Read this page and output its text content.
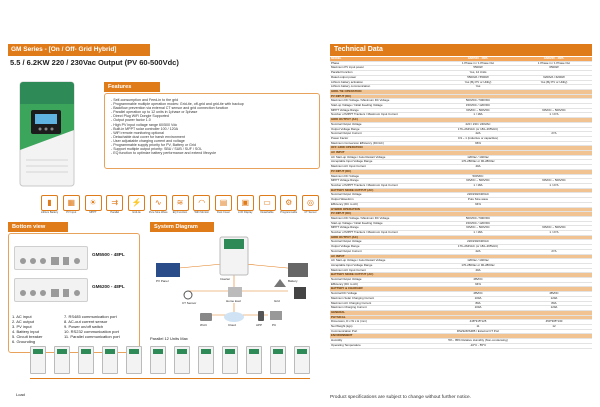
GM Series - [On / Off- Grid Hybrid]
5.5 / 6.2KW 220 / 230Vac Output (PV 60-500Vdc)
Features
- Self-consumption and Feed-in to the grid
- Programmable multiple operation modes: Grid-tie, off-grid and grid-tie with backup
- Backflow prevention via external CT sensor and grid connection function
- Parallel operation up to 12 units in 1phase or 3phase
- Direct Plug WiFi Dongle Supported
- Output power factor 1.0
- High PV input voltage range 60/500 Vdc
- Built-in MPPT solar controller 100 / 120A
- WiFi remote monitoring optional
- Detachable dust cover for harsh environment
- User adjustable charging current and voltage
- Programmable supply priority for PV, Battery or Grid
- Support multiple output priority: SBU / SUB / SUF / SOL
- EQ function to optimize battery performance and extend lifecycle
▮
Lithium Battery
▦
PV Input
☀
MPPT
⇉
Parallel
⚡
Grid-tie
∿
Pure Sine Wave
≋
EQ Function
◠
WiFi Monitor
▤
Dust Cover
▣
LCD Display
▭
Detachable
⚙
Programmable
◎
CT Sensor
Bottom view
GM5500 - 48PL
GM6200 - 48PL
1. AC input
2. AC output
3. PV input
4. Battery input
5. Circuit breaker
6. Grounding
7. RS485 communication port
8. AC-out current sensor
9. Power on/off switch
10. RS232 communication port
11. Parallel communication port
System Diagram
Inverter
PV Panel	Battery
CT Sensor	Home load	Grid
Wi-Fi	Cloud	APP	PC
Parallel 12 Units Max
Load
Technical Data
MODEL	GM5500 - 48PL	GM6200 - 48PL
Phase	1 Phase in / 1 Phase Out	1 Phase in / 1 Phase Out
Maximum PV input power	5500W	6500W
Parallel Function	Yes, 12 Units	
Rated output power	5500VA / 5500W	6200VA / 6200W
Lithium battery activation	Yes (By PV or Utility)	Yes (By PV or Utility)
Lithium battery communication	Yes	
GRID-TIE OPERATION		
PV INPUT (DC)		
Maximum DC Voltage / Maximum DC Voltage	500VDC / 500VDC	
Start-up Voltage / Initial Feeding Voltage	150VDC / 120VDC	
MPPT Voltage Range	60VDC ~ 500VDC	60VDC ~ 500VDC
Number of MPPT Trackers / Maximum Input Current	1 / 18A	1 / 27A
GRID OUTPUT (AC)		
Nominal Output Voltage	220 / 230 / 240VAC	
Output Voltage Range	176~264VAC (or 184~265VAC)	
Nominal Output Current	22A	27A
Power Factor	0.9 ~ 1 (inductive or capacitive)	
Maximum Conversion Efficiency (DC/AC)	96%	
OFF GRID OPERATION		
AC INPUT		
AC Start-up Voltage / Auto Restart Voltage	120Vac / 140Vac	
Acceptable Input Voltage Range	170-280Vac or 90-280Vac	
Maximum AC Input Current	40A	
PV INPUT (DC)		
Maximum DC Voltage	500VDC	
MPPT Voltage Range	60VDC ~ 500VDC	60VDC ~ 500VDC
Number of MPPT Trackers / Maximum Input Current	1 / 18A	1 / 27A
BATTERY MODE OUTPUT (AC)		
Nominal Output Voltage	220/230/240VAC	
Output Waveform	Pure Sine wave	
Efficiency (DC to AC)	94%	
HYBRID OPERATION		
PV INPUT (DC)		
Maximum DC Voltage / Maximum DC Voltage	500VDC / 500VDC	
Start-up Voltage / Initial Feeding Voltage	150VDC / 120VDC	
MPPT Voltage Range	60VDC ~ 500VDC	60VDC ~ 500VDC
Number of MPPT Trackers / Maximum Input Current	1 / 18A	1 / 27A
GRID OUTPUT (AC)		
Nominal Output Voltage	220/230/240VAC	
Output Voltage Range	176~264VAC (or 184~265VAC)	
Nominal Output Current	22A	27A
AC INPUT		
AC Start-up Voltage / Auto Restart Voltage	120Vac / 140Vac	
Acceptable Input Voltage Range	170-280Vac or 90-280Vac	
Maximum AC Input Current	40A	
BATTERY MODE OUTPUT (AC)		
Nominal Output Voltage	48VDC	
Efficiency (DC to AC)	94%	
BATTERY & CHARGER		
Nominal DC Voltage	48VDC	48VDC
Maximum Solar Charging Current	100A	120A
Maximum AC Charging Current	80A	80A
Maximum Charging Current	100A	120A
GENERAL		
PHYSICAL		
Dimension, D x W x H (mm)	448*315*125	450*305*130
Net Weight (kgs)	11	12
Communication Port	RS232/RS485 / External CT Port	
ENVIRONMENT		
Humidity	5% - 95% Relative Humidity (Non-condensing)	
Operating Temperature	-10°C - 55°C	
Product specifications are subject to change without further notice.
